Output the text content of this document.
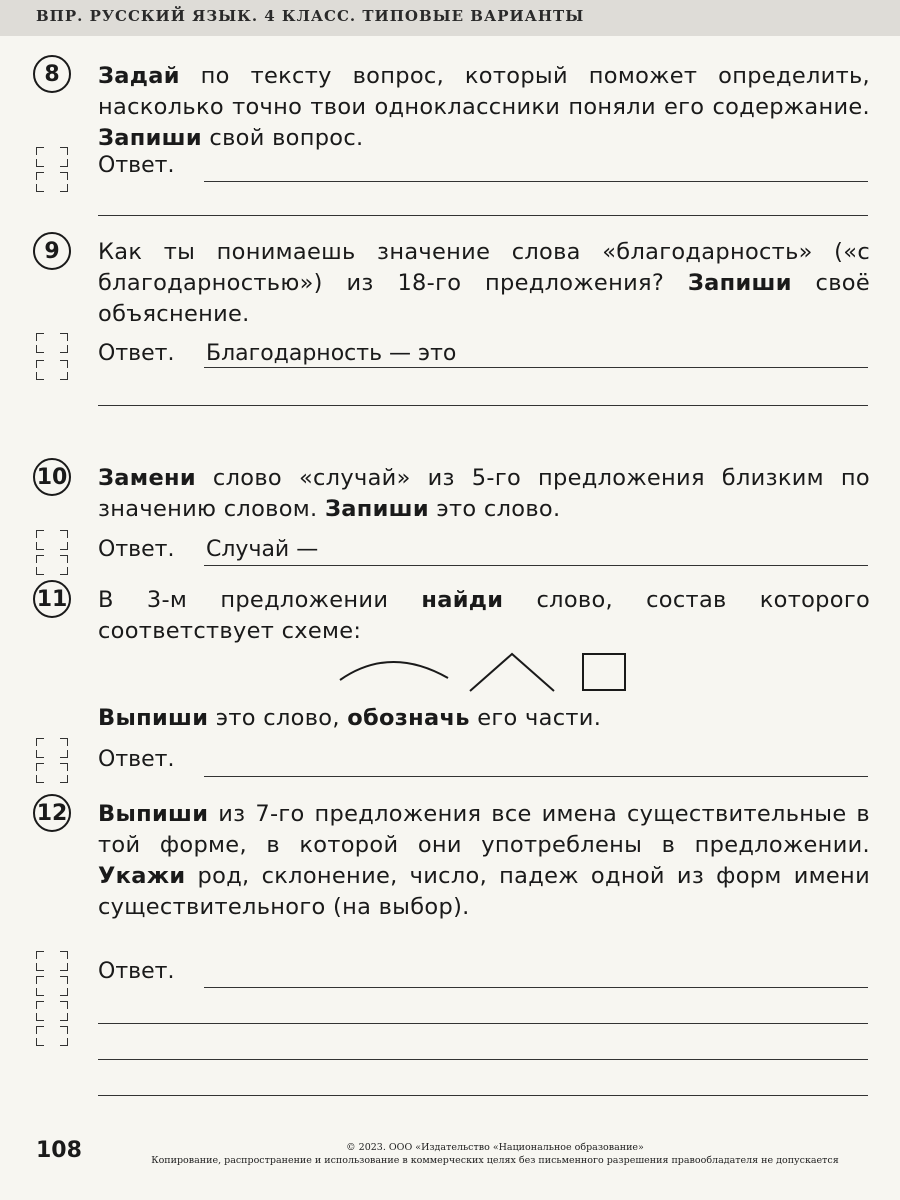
ВПР. РУССКИЙ ЯЗЫК. 4 КЛАСС. ТИПОВЫЕ ВАРИАНТЫ
8	Задай по тексту вопрос, который поможет определить, насколько точно твои одноклассники поняли его содержание. Запиши свой вопрос.
Ответ.
9	Как ты понимаешь значение слова «благодарность» («с благодарностью») из 18-го предложения? Запиши своё объяснение.
Ответ. Благодарность — это
10 Замени слово «случай» из 5-го предложения близким по значению словом. Запиши это слово.
Ответ. Случай —
11 В 3-м предложении найди слово, состав которого соответствует схеме:
Выпиши это слово, обозначь его части.
Ответ.
12 Выпиши из 7-го предложения все имена существительные в той форме, в которой они употреблены в предложении. Укажи род, склонение, число, падеж одной из форм имени существительного (на выбор).
Ответ.
108	© 2023. ООО «Издательство «Национальное образование»
Копирование, распространение и использование в коммерческих целях без письменного разрешения правообладателя не допускается
